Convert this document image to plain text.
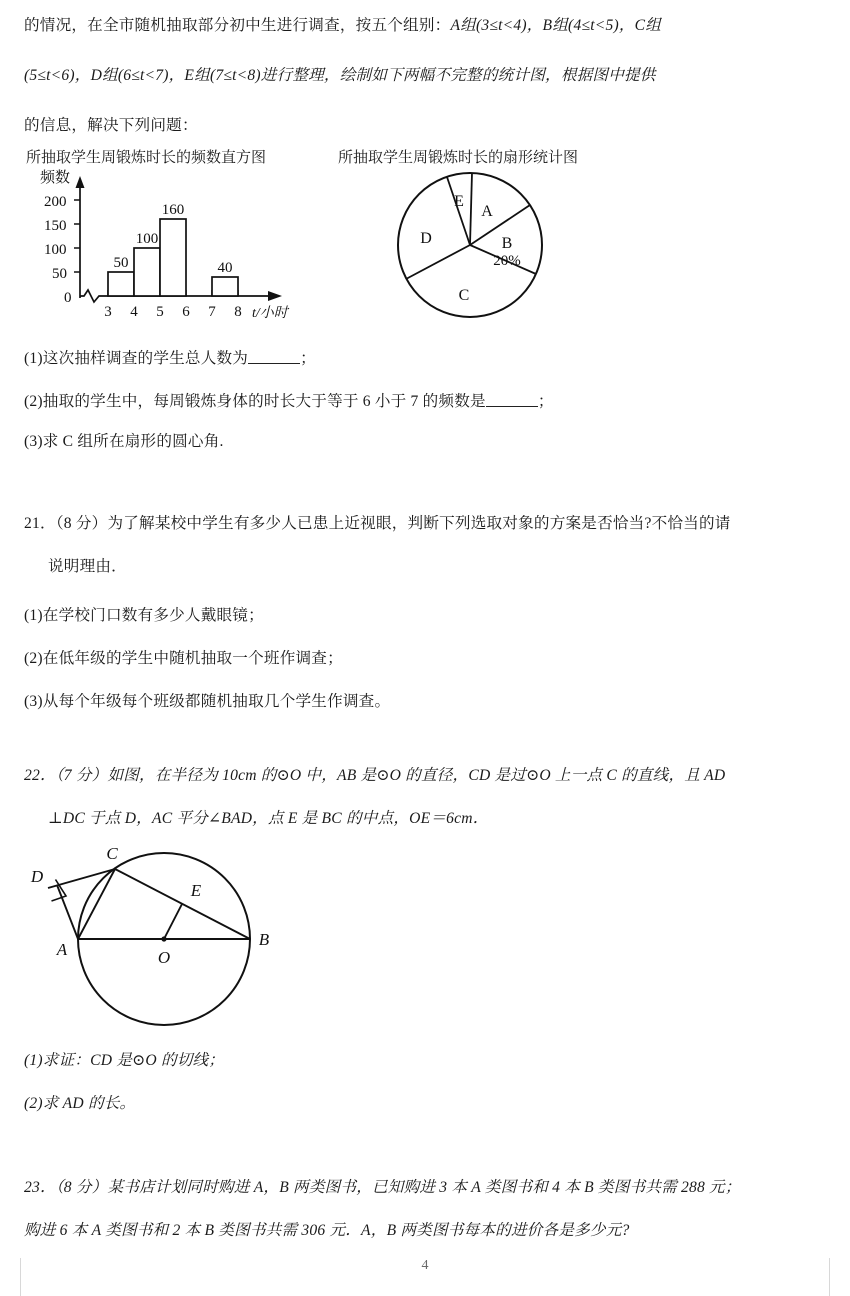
的情况，在全市随机抽取部分初中生进行调查，按五个组别：A组(3≤t<4)，B组(4≤t<5)，C组
(5≤t<6)，D组(6≤t<7)，E组(7≤t<8)进行整理，绘制如下两幅不完整的统计图，根据图中提供
的信息，解决下列问题：
所抽取学生周锻炼时长的频数直方图	所抽取学生周锻炼时长的扇形统计图
频数
200
150
100
50
0
3 4 5 6 7 8 t/小时
50
100
160
40
E
A
B
20%
C
D
(1)这次抽样调查的学生总人数为	；
(2)抽取的学生中，每周锻炼身体的时长大于等于 6 小于 7 的频数是	；
(3)求 C 组所在扇形的圆心角.
21．（8 分）为了解某校中学生有多少人已患上近视眼，判断下列选取对象的方案是否恰当?不恰当的请
说明理由．
(1)在学校门口数有多少人戴眼镜；
(2)在低年级的学生中随机抽取一个班作调查；
(3)从每个年级每个班级都随机抽取几个学生作调查。
22．（7 分）如图，在半径为 10cm 的⊙O 中，AB 是⊙O 的直径，CD 是过⊙O 上一点 C 的直线，且 AD
⊥DC 于点 D，AC 平分∠BAD，点 E 是 BC 的中点，OE＝6cm．
A
B
C
D
E
O
(1)求证：CD 是⊙O 的切线；
(2)求 AD 的长。
23．（8 分）某书店计划同时购进 A，B 两类图书，已知购进 3 本 A 类图书和 4 本 B 类图书共需 288 元；
购进 6 本 A 类图书和 2 本 B 类图书共需 306 元．A，B 两类图书每本的进价各是多少元?
4
